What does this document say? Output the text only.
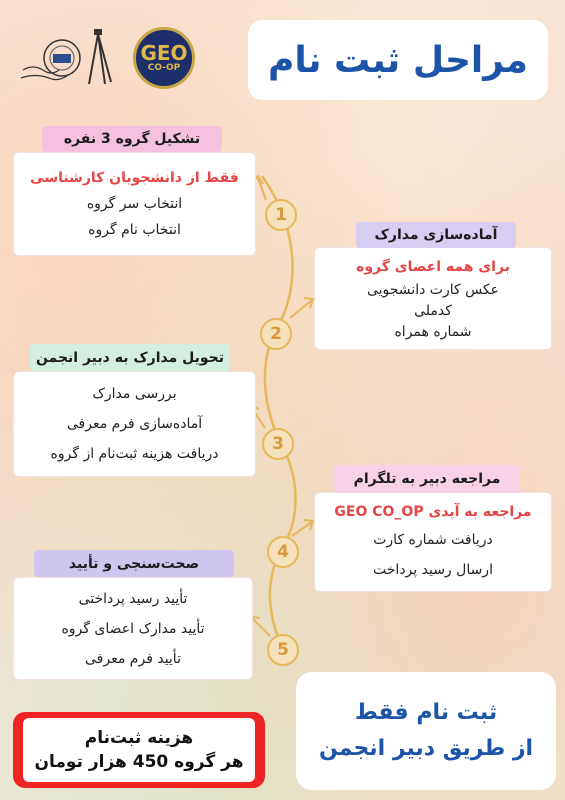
مراحل ثبت نام
GEO
CO-OP
فقط از دانشجویان کارشناسی
انتخاب سر گروه
انتخاب نام گروه
تشکیل گروه 3 نفره
1
برای همه اعضای گروه
عکس کارت دانشجویی
کدملی
شماره همراه
آماده‌سازی مدارک
2
بررسی مدارک
آماده‌سازی فرم معرفی
دریافت هزینه ثبت‌نام از گروه
تحویل مدارک به دبیر انجمن
3
مراجعه به آیدی GEO CO_OP
دریافت شماره کارت
ارسال رسید پرداخت
مراجعه دبیر به تلگرام
4
تأیید رسید پرداختی
تأیید مدارک اعضای گروه
تأیید فرم معرفی
صحت‌سنجی و تأیید
5
هزینه ثبت‌نام
هر گروه 450 هزار تومان
ثبت نام فقط
از طریق دبیر انجمن
